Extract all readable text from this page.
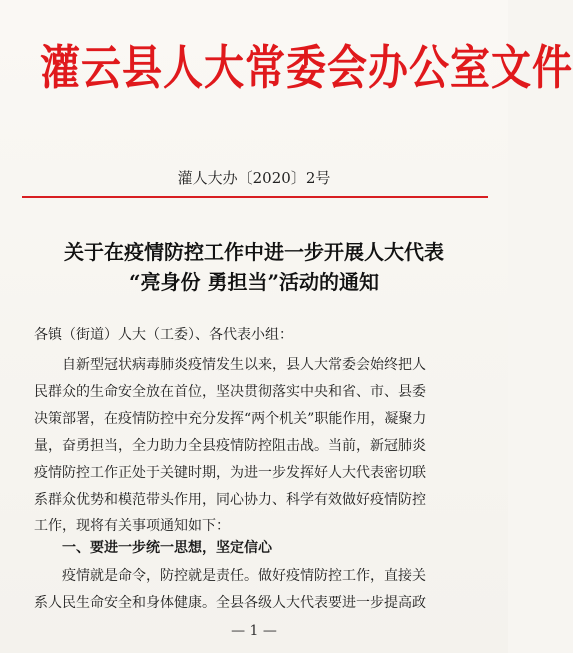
灌云县人大常委会办公室文件
灌人大办〔2020〕2号
关于在疫情防控工作中进一步开展人大代表
“亮身份 勇担当”活动的通知
各镇（街道）人大（工委）、各代表小组：
自新型冠状病毒肺炎疫情发生以来，县人大常委会始终把人
民群众的生命安全放在首位，坚决贯彻落实中央和省、市、县委
决策部署，在疫情防控中充分发挥“两个机关”职能作用，凝聚力
量，奋勇担当，全力助力全县疫情防控阻击战。当前，新冠肺炎
疫情防控工作正处于关键时期，为进一步发挥好人大代表密切联
系群众优势和模范带头作用，同心协力、科学有效做好疫情防控
工作，现将有关事项通知如下：
一、要进一步统一思想，坚定信心
疫情就是命令，防控就是责任。做好疫情防控工作，直接关
系人民生命安全和身体健康。全县各级人大代表要进一步提高政
— 1 —
